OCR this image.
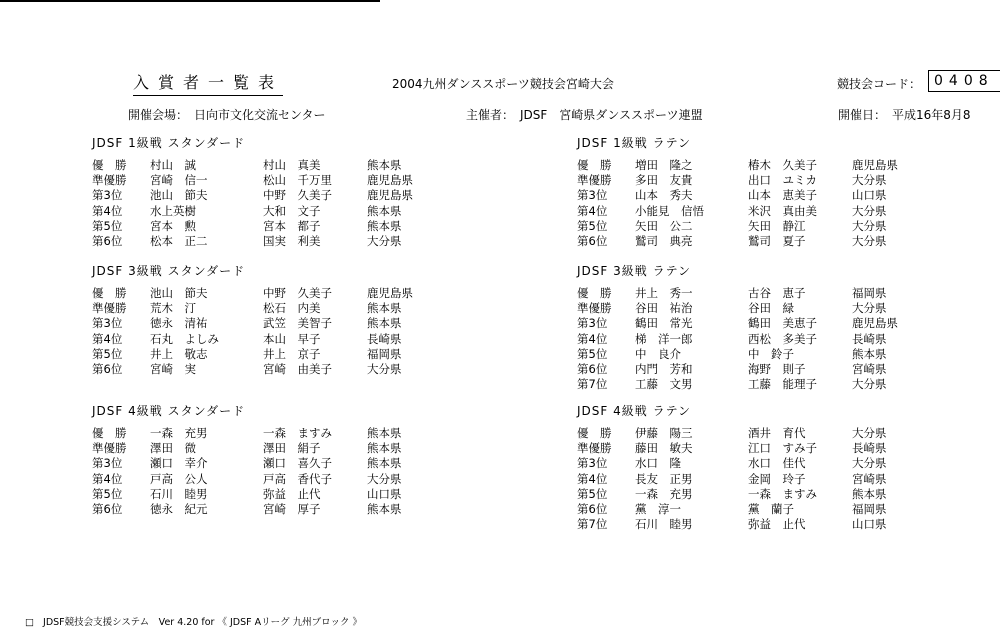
入賞者一覧表	2004九州ダンススポーツ競技会宮崎大会	競技会コード： 0408
開催会場：　日向市文化交流センター	主催者：　JDSF　宮崎県ダンススポーツ連盟	開催日：　平成16年8月8
JDSF 1級戦 スタンダード
優　勝	村山　誠	村山　真美	熊本県
準優勝	宮崎　信一	松山　千万里	鹿児島県
第3位	池山　節夫	中野　久美子	鹿児島県
第4位	水上英樹	大和　文子	熊本県
第5位	宮本　勲	宮本　都子	熊本県
第6位	松本　正二	国実　利美	大分県
JDSF 3級戦 スタンダード
優　勝	池山　節夫	中野　久美子	鹿児島県
準優勝	荒木　汀	松石　内美	熊本県
第3位	徳永　清祐	武笠　美智子	熊本県
第4位	石丸　よしみ	本山　早子	長崎県
第5位	井上　敬志	井上　京子	福岡県
第6位	宮崎　実	宮崎　由美子	大分県
JDSF 4級戦 スタンダード
優　勝	一森　充男	一森　ますみ	熊本県
準優勝	澤田　微	澤田　絹子	熊本県
第3位	瀬口　幸介	瀬口　喜久子	熊本県
第4位	戸高　公人	戸高　香代子	大分県
第5位	石川　睦男	弥益　止代	山口県
第6位	徳永　紀元	宮崎　厚子	熊本県
JDSF 1級戦 ラテン
優　勝	増田　隆之	椿木　久美子	鹿児島県
準優勝	多田　友貴	出口　ユミカ	大分県
第3位	山本　秀夫	山本　恵美子	山口県
第4位	小能見　信悟	米沢　真由美	大分県
第5位	矢田　公二	矢田　静江	大分県
第6位	鷲司　典亮	鷲司　夏子	大分県
JDSF 3級戦 ラテン
優　勝	井上　秀一	古谷　恵子	福岡県
準優勝	谷田　祐治	谷田　緑	大分県
第3位	鶴田　常光	鶴田　美恵子	鹿児島県
第4位	梯　洋一郎	西松　多美子	長崎県
第5位	中　良介	中　鈴子	熊本県
第6位	内門　芳和	海野　則子	宮崎県
第7位	工藤　文男	工藤　能理子	大分県
JDSF 4級戦 ラテン
優　勝	伊藤　陽三	酒井　育代	大分県
準優勝	藤田　敏夫	江口　すみ子	長崎県
第3位	水口　隆	水口　佳代	大分県
第4位	長友　正男	金岡　玲子	宮崎県
第5位	一森　充男	一森　ますみ	熊本県
第6位	黨　淳一	黨　蘭子	福岡県
第7位	石川　睦男	弥益　止代	山口県
□ JDSF競技会支援システム　Ver 4.20 for 《 JDSF Aリーグ 九州ブロック 》
